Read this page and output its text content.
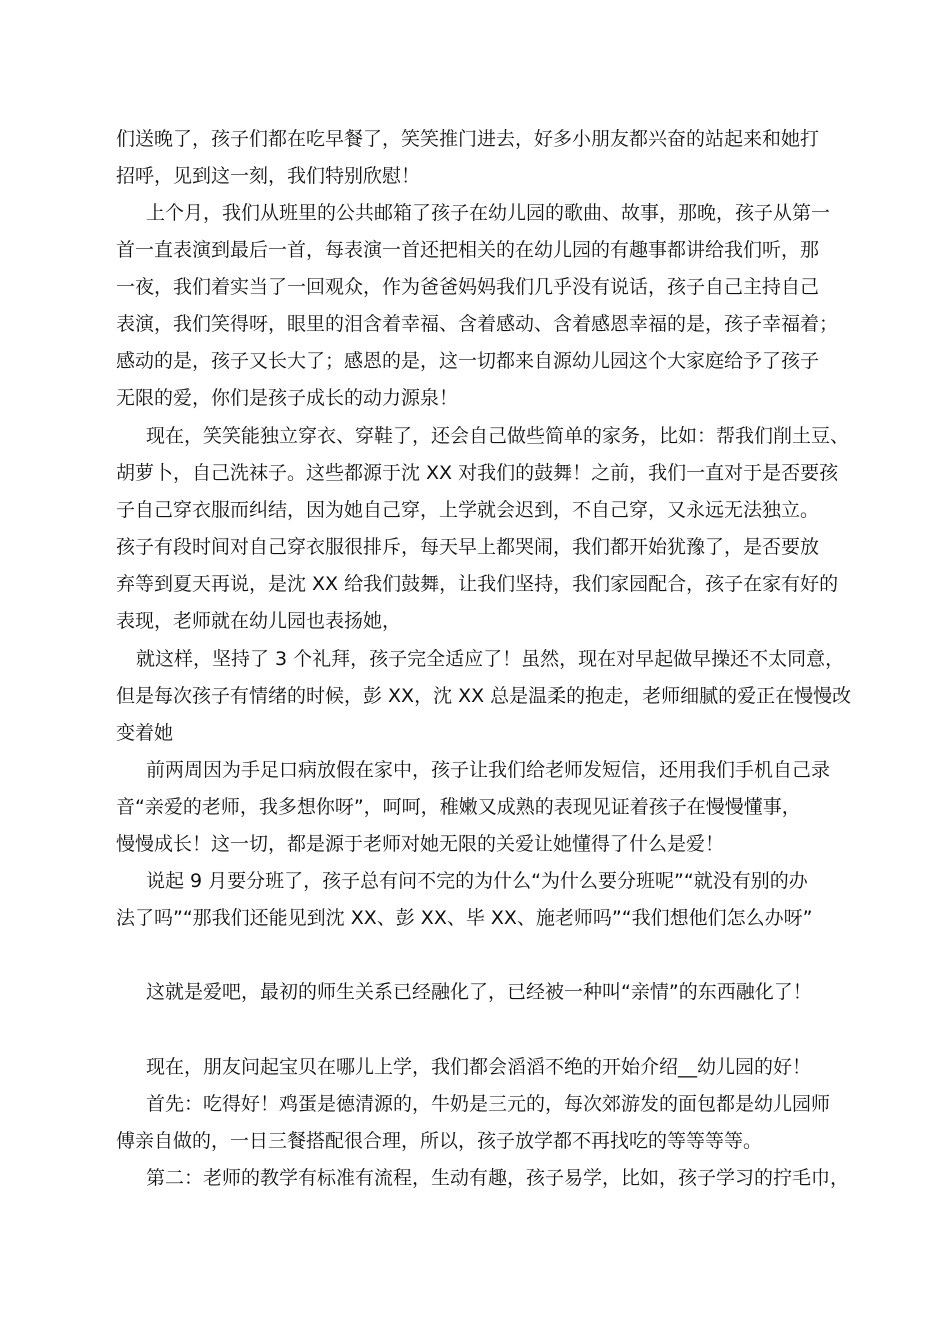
们送晚了，孩子们都在吃早餐了，笑笑推门进去，好多小朋友都兴奋的站起来和她打
招呼，见到这一刻，我们特别欣慰！
上个月，我们从班里的公共邮箱了孩子在幼儿园的歌曲、故事，那晚，孩子从第一
首一直表演到最后一首，每表演一首还把相关的在幼儿园的有趣事都讲给我们听，那
一夜，我们着实当了一回观众，作为爸爸妈妈我们几乎没有说话，孩子自己主持自己
表演，我们笑得呀，眼里的泪含着幸福、含着感动、含着感恩幸福的是，孩子幸福着；
感动的是，孩子又长大了；感恩的是，这一切都来自源幼儿园这个大家庭给予了孩子
无限的爱，你们是孩子成长的动力源泉！
现在，笑笑能独立穿衣、穿鞋了，还会自己做些简单的家务，比如：帮我们削土豆、
胡萝卜，自己洗袜子。这些都源于沈 XX 对我们的鼓舞！之前，我们一直对于是否要孩
子自己穿衣服而纠结，因为她自己穿，上学就会迟到，不自己穿，又永远无法独立。
孩子有段时间对自己穿衣服很排斥，每天早上都哭闹，我们都开始犹豫了，是否要放
弃等到夏天再说，是沈 XX 给我们鼓舞，让我们坚持，我们家园配合，孩子在家有好的
表现，老师就在幼儿园也表扬她，
就这样，坚持了 3 个礼拜，孩子完全适应了！虽然，现在对早起做早操还不太同意，
但是每次孩子有情绪的时候，彭 XX，沈 XX 总是温柔的抱走，老师细腻的爱正在慢慢改
变着她
前两周因为手足口病放假在家中，孩子让我们给老师发短信，还用我们手机自己录
音“亲爱的老师，我多想你呀”，呵呵，稚嫩又成熟的表现见证着孩子在慢慢懂事，
慢慢成长！这一切，都是源于老师对她无限的关爱让她懂得了什么是爱！
说起 9 月要分班了，孩子总有问不完的为什么“为什么要分班呢”“就没有别的办
法了吗”“那我们还能见到沈 XX、彭 XX、毕 XX、施老师吗”“我们想他们怎么办呀”
这就是爱吧，最初的师生关系已经融化了，已经被一种叫“亲情”的东西融化了！
现在，朋友问起宝贝在哪儿上学，我们都会滔滔不绝的开始介绍__幼儿园的好！
首先：吃得好！鸡蛋是德清源的，牛奶是三元的，每次郊游发的面包都是幼儿园师
傅亲自做的，一日三餐搭配很合理，所以，孩子放学都不再找吃的等等等等。
第二：老师的教学有标准有流程，生动有趣，孩子易学，比如，孩子学习的拧毛巾，
